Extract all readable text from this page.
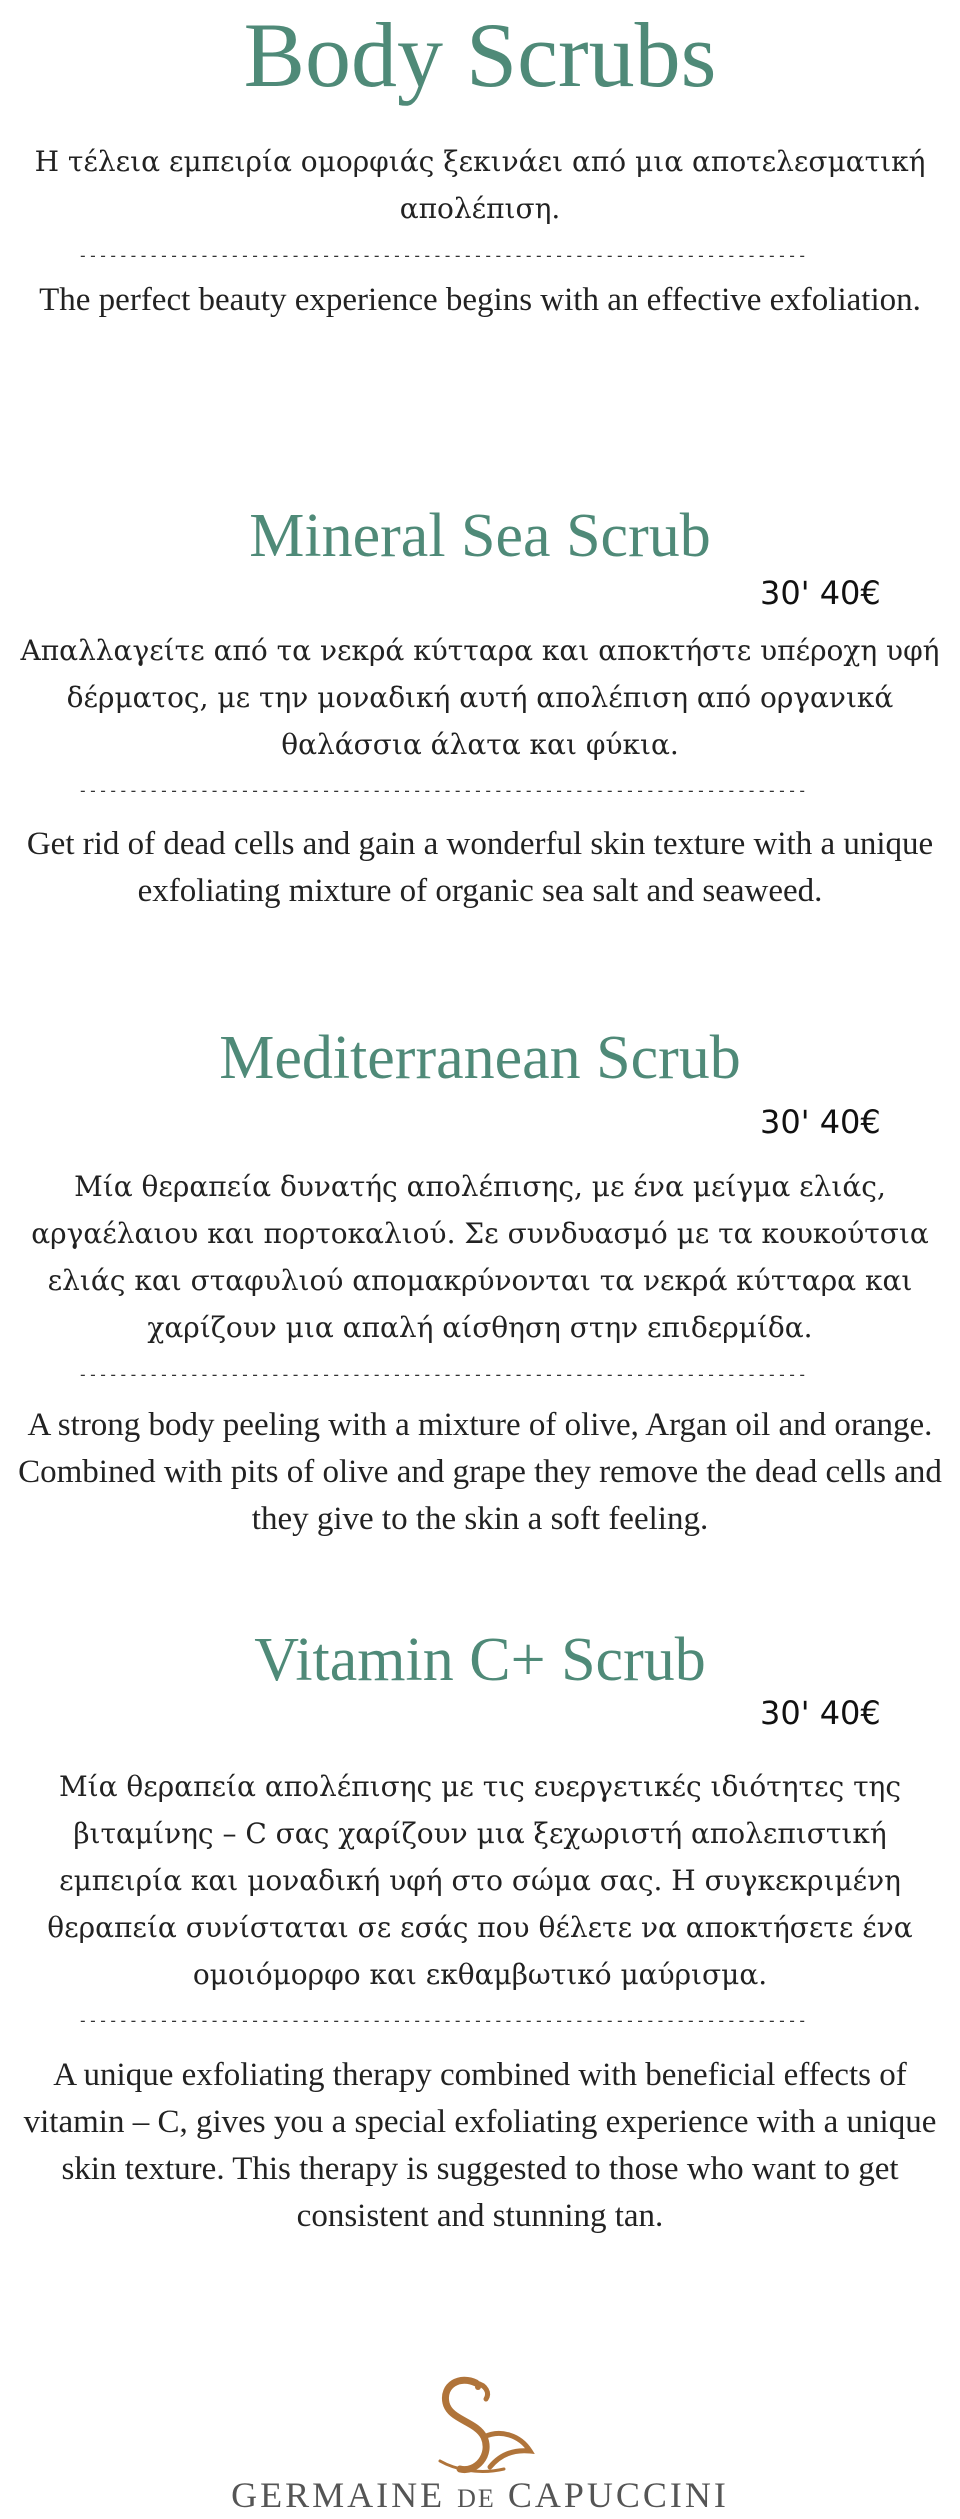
Body Scrubs
Η τέλεια εμπειρία ομορφιάς ξεκινάει από μια αποτελεσματική απολέπιση.
------------------------------------------------------------------------
The perfect beauty experience begins with an effective exfoliation.
Mineral Sea Scrub
30' 40€
Απαλλαγείτε από τα νεκρά κύτταρα και αποκτήστε υπέροχη υφή δέρματος, με την μοναδική αυτή απολέπιση από οργανικά θαλάσσια άλατα και φύκια.
------------------------------------------------------------------------
Get rid of dead cells and gain a wonderful skin texture with a unique exfoliating mixture of organic sea salt and seaweed.
Mediterranean Scrub
30' 40€
Μία θεραπεία δυνατής απολέπισης, με ένα μείγμα ελιάς, αργαέλαιου και πορτοκαλιού. Σε συνδυασμό με τα κουκούτσια ελιάς και σταφυλιού απομακρύνονται τα νεκρά κύτταρα και χαρίζουν μια απαλή αίσθηση στην επιδερμίδα.
------------------------------------------------------------------------
A strong body peeling with a mixture of olive, Argan oil and orange. Combined with pits of olive and grape they remove the dead cells and they give to the skin a soft feeling.
Vitamin C+ Scrub
30' 40€
Μία θεραπεία απολέπισης με τις ευεργετικές ιδιότητες της βιταμίνης – C σας χαρίζουν μια ξεχωριστή απολεπιστική εμπειρία και μοναδική υφή στο σώμα σας. Η συγκεκριμένη θεραπεία συνίσταται σε εσάς που θέλετε να αποκτήσετε ένα ομοιόμορφο και εκθαμβωτικό μαύρισμα.
------------------------------------------------------------------------
A unique exfoliating therapy combined with beneficial effects of vitamin – C, gives you a special exfoliating experience with a unique skin texture. This therapy is suggested to those who want to get consistent and stunning tan.
GERMAINE DE CAPUCCINI
